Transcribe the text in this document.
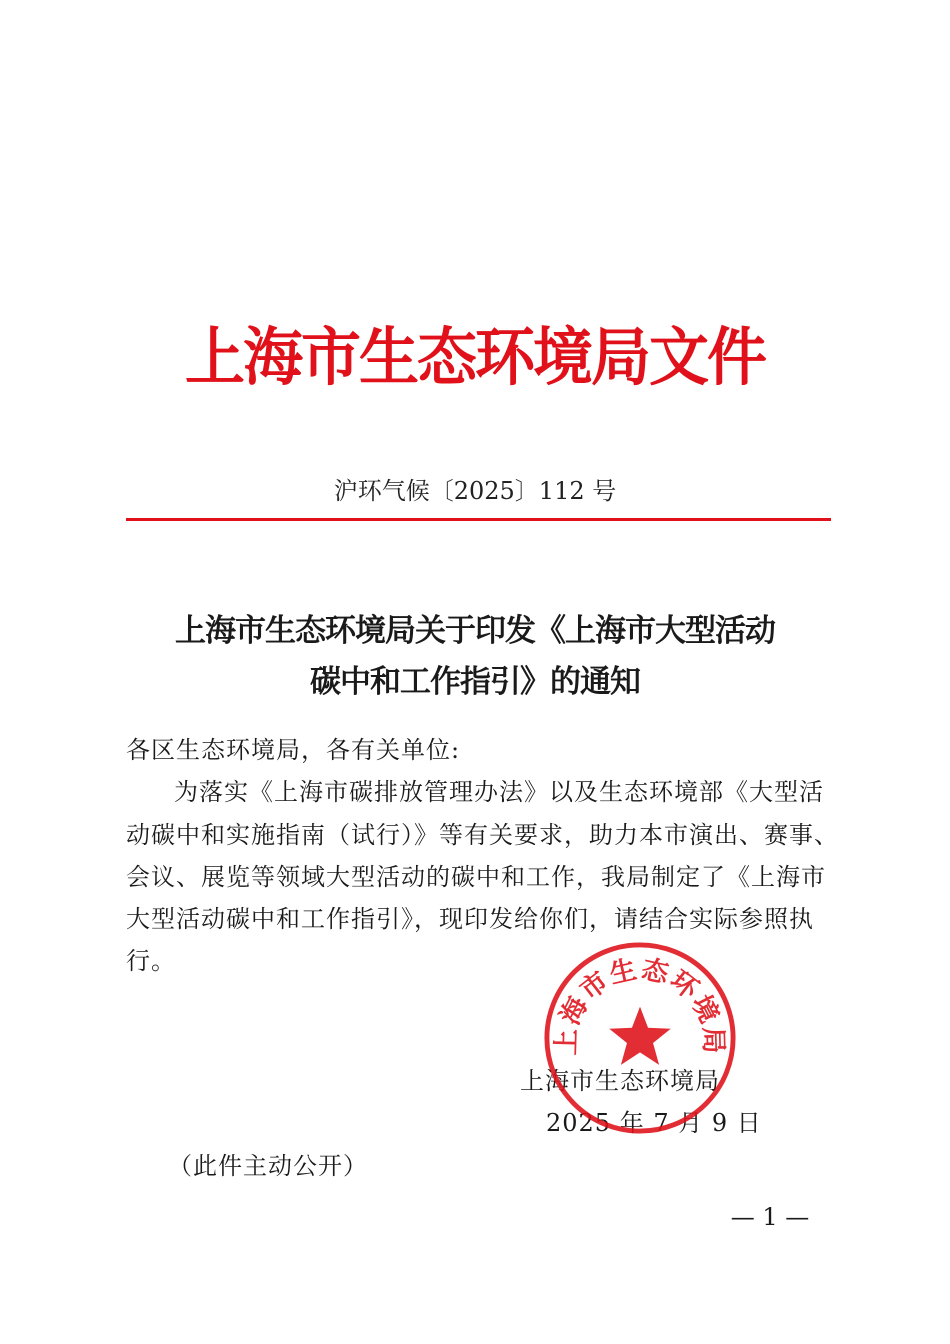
上海市生态环境局文件
沪环气候〔2025〕112 号
上海市生态环境局关于印发《上海市大型活动
碳中和工作指引》的通知
各区生态环境局，各有关单位:
为落实《上海市碳排放管理办法》以及生态环境部《大型活
动碳中和实施指南（试行）》等有关要求，助力本市演出、赛事、
会议、展览等领域大型活动的碳中和工作，我局制定了《上海市
大型活动碳中和工作指引》，现印发给你们，请结合实际参照执
行。
上海市生态环境局
2025 年 7 月 9 日
上海市生态环境局
（此件主动公开）
— 1 —
